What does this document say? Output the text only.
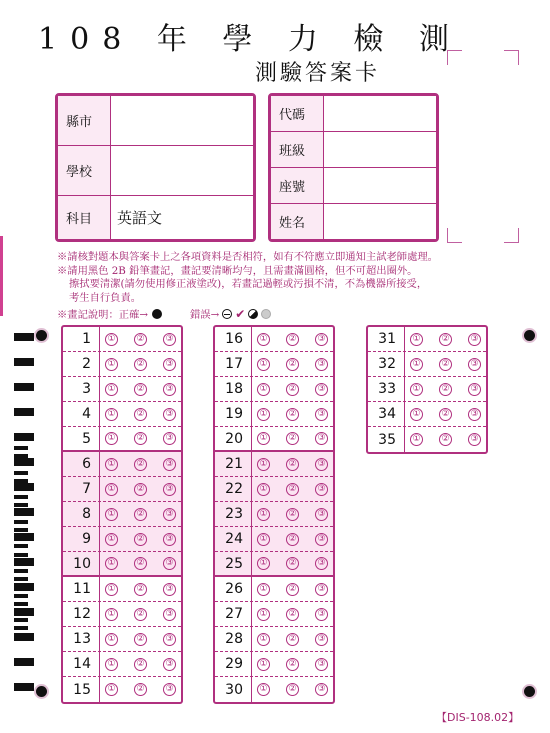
108 年 學 力 檢 測
測驗答案卡
縣市	
學校	
科目	英語文
代碼	
班級	
座號	
姓名	
※請核對題本與答案卡上之各項資料是否相符，如有不符應立即通知主試老師處理。
※請用黑色 2B 鉛筆畫記，畫記要清晰均勻，且需畫滿圓格，但不可超出圈外。
擦拭要清潔(請勿使用修正液塗改)，若畫記過輕或污損不清，不為機器所接受，
考生自行負責。
※畫記說明：正確→	錯誤→ ✔
1 ① ② ③
2 ① ② ③
3 ① ② ③
4 ① ② ③
5 ① ② ③
6 ① ② ③
7 ① ② ③
8 ① ② ③
9 ① ② ③
10 ① ② ③
11 ① ② ③
12 ① ② ③
13 ① ② ③
14 ① ② ③
15 ① ② ③
16 ① ② ③
17 ① ② ③
18 ① ② ③
19 ① ② ③
20 ① ② ③
21 ① ② ③
22 ① ② ③
23 ① ② ③
24 ① ② ③
25 ① ② ③
26 ① ② ③
27 ① ② ③
28 ① ② ③
29 ① ② ③
30 ① ② ③
31 ① ② ③
32 ① ② ③
33 ① ② ③
34 ① ② ③
35 ① ② ③
【DIS-108.02】
